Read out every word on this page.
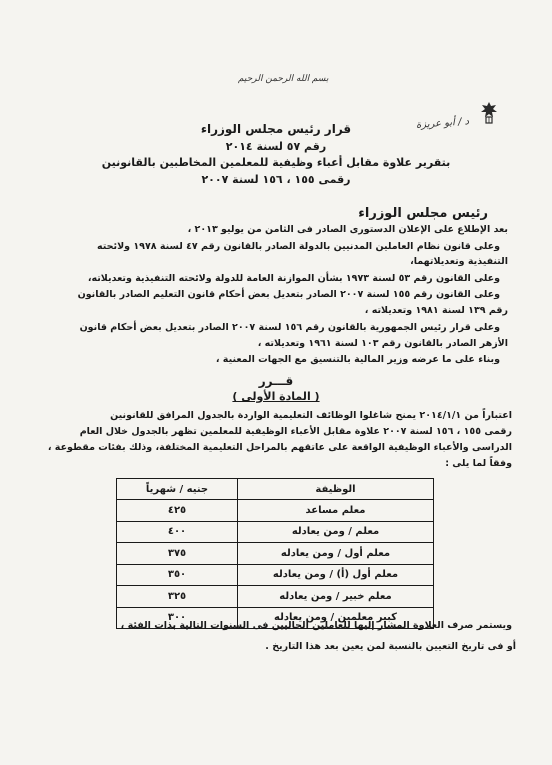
بسم الله الرحمن الرحيم
د / أبو عريزة
قرار رئيس مجلس الوزراء
رقم ٥٧ لسنة ٢٠١٤
بتقرير علاوة مقابل أعباء وظيفية للمعلمين المخاطبين بالقانونين
رقمى ١٥٥ ، ١٥٦ لسنة ٢٠٠٧
رئيس مجلس الوزراء
بعد الإطلاع على الإعلان الدستورى الصادر فى الثامن من يوليو ٢٠١٣ ،
وعلى قانون نظام العاملين المدنيين بالدولة الصادر بالقانون رقم ٤٧ لسنة ١٩٧٨ ولائحته
التنفيذية وتعديلاتهما،
وعلى القانون رقم ٥٣ لسنة ١٩٧٣ بشأن الموازنة العامة للدولة ولائحته التنفيذية وتعديلاته،
وعلى القانون رقم ١٥٥ لسنة ٢٠٠٧ الصادر بتعديل بعض أحكام قانون التعليم الصادر بالقانون
رقم ١٣٩ لسنة ١٩٨١ وتعديلاته ،
وعلى قرار رئيس الجمهورية بالقانون رقم ١٥٦ لسنة ٢٠٠٧ الصادر بتعديل بعض أحكام قانون
الأزهر الصادر بالقانون رقم ١٠٣ لسنة ١٩٦١ وتعديلاته ،
وبناء على ما عرضه وزير المالية بالتنسيق مع الجهات المعنية ،
قـــرر
( المادة الأولى )
اعتباراً من ٢٠١٤/١/١ يمنح شاغلوا الوظائف التعليمية الواردة بالجدول المرافق للقانونين
رقمى ١٥٥ ، ١٥٦ لسنة ٢٠٠٧ علاوة مقابل الأعباء الوظيفية للمعلمين تظهر بالجدول خلال العام
الدراسى والأعباء الوظيفية الواقعة على عاتقهم بالمراحل التعليمية المختلفة، وذلك بفئات مقطوعة ،
وفقاً لما يلى :
الوظيفة	جنيه / شهرياً
معلم مساعد	٤٢٥
معلم / ومن يعادله	٤٠٠
معلم أول / ومن يعادله	٣٧٥
معلم أول (أ) / ومن يعادله	٣٥٠
معلم خبير / ومن يعادله	٣٢٥
كبير معلمين / ومن يعادله	٣٠٠
ويستمر صرف العلاوة المشار إليها للعاملين الحاليين فى السنوات التالية بذات الفئة ،
أو فى تاريخ التعيين بالنسبة لمن يعين بعد هذا التاريخ .
